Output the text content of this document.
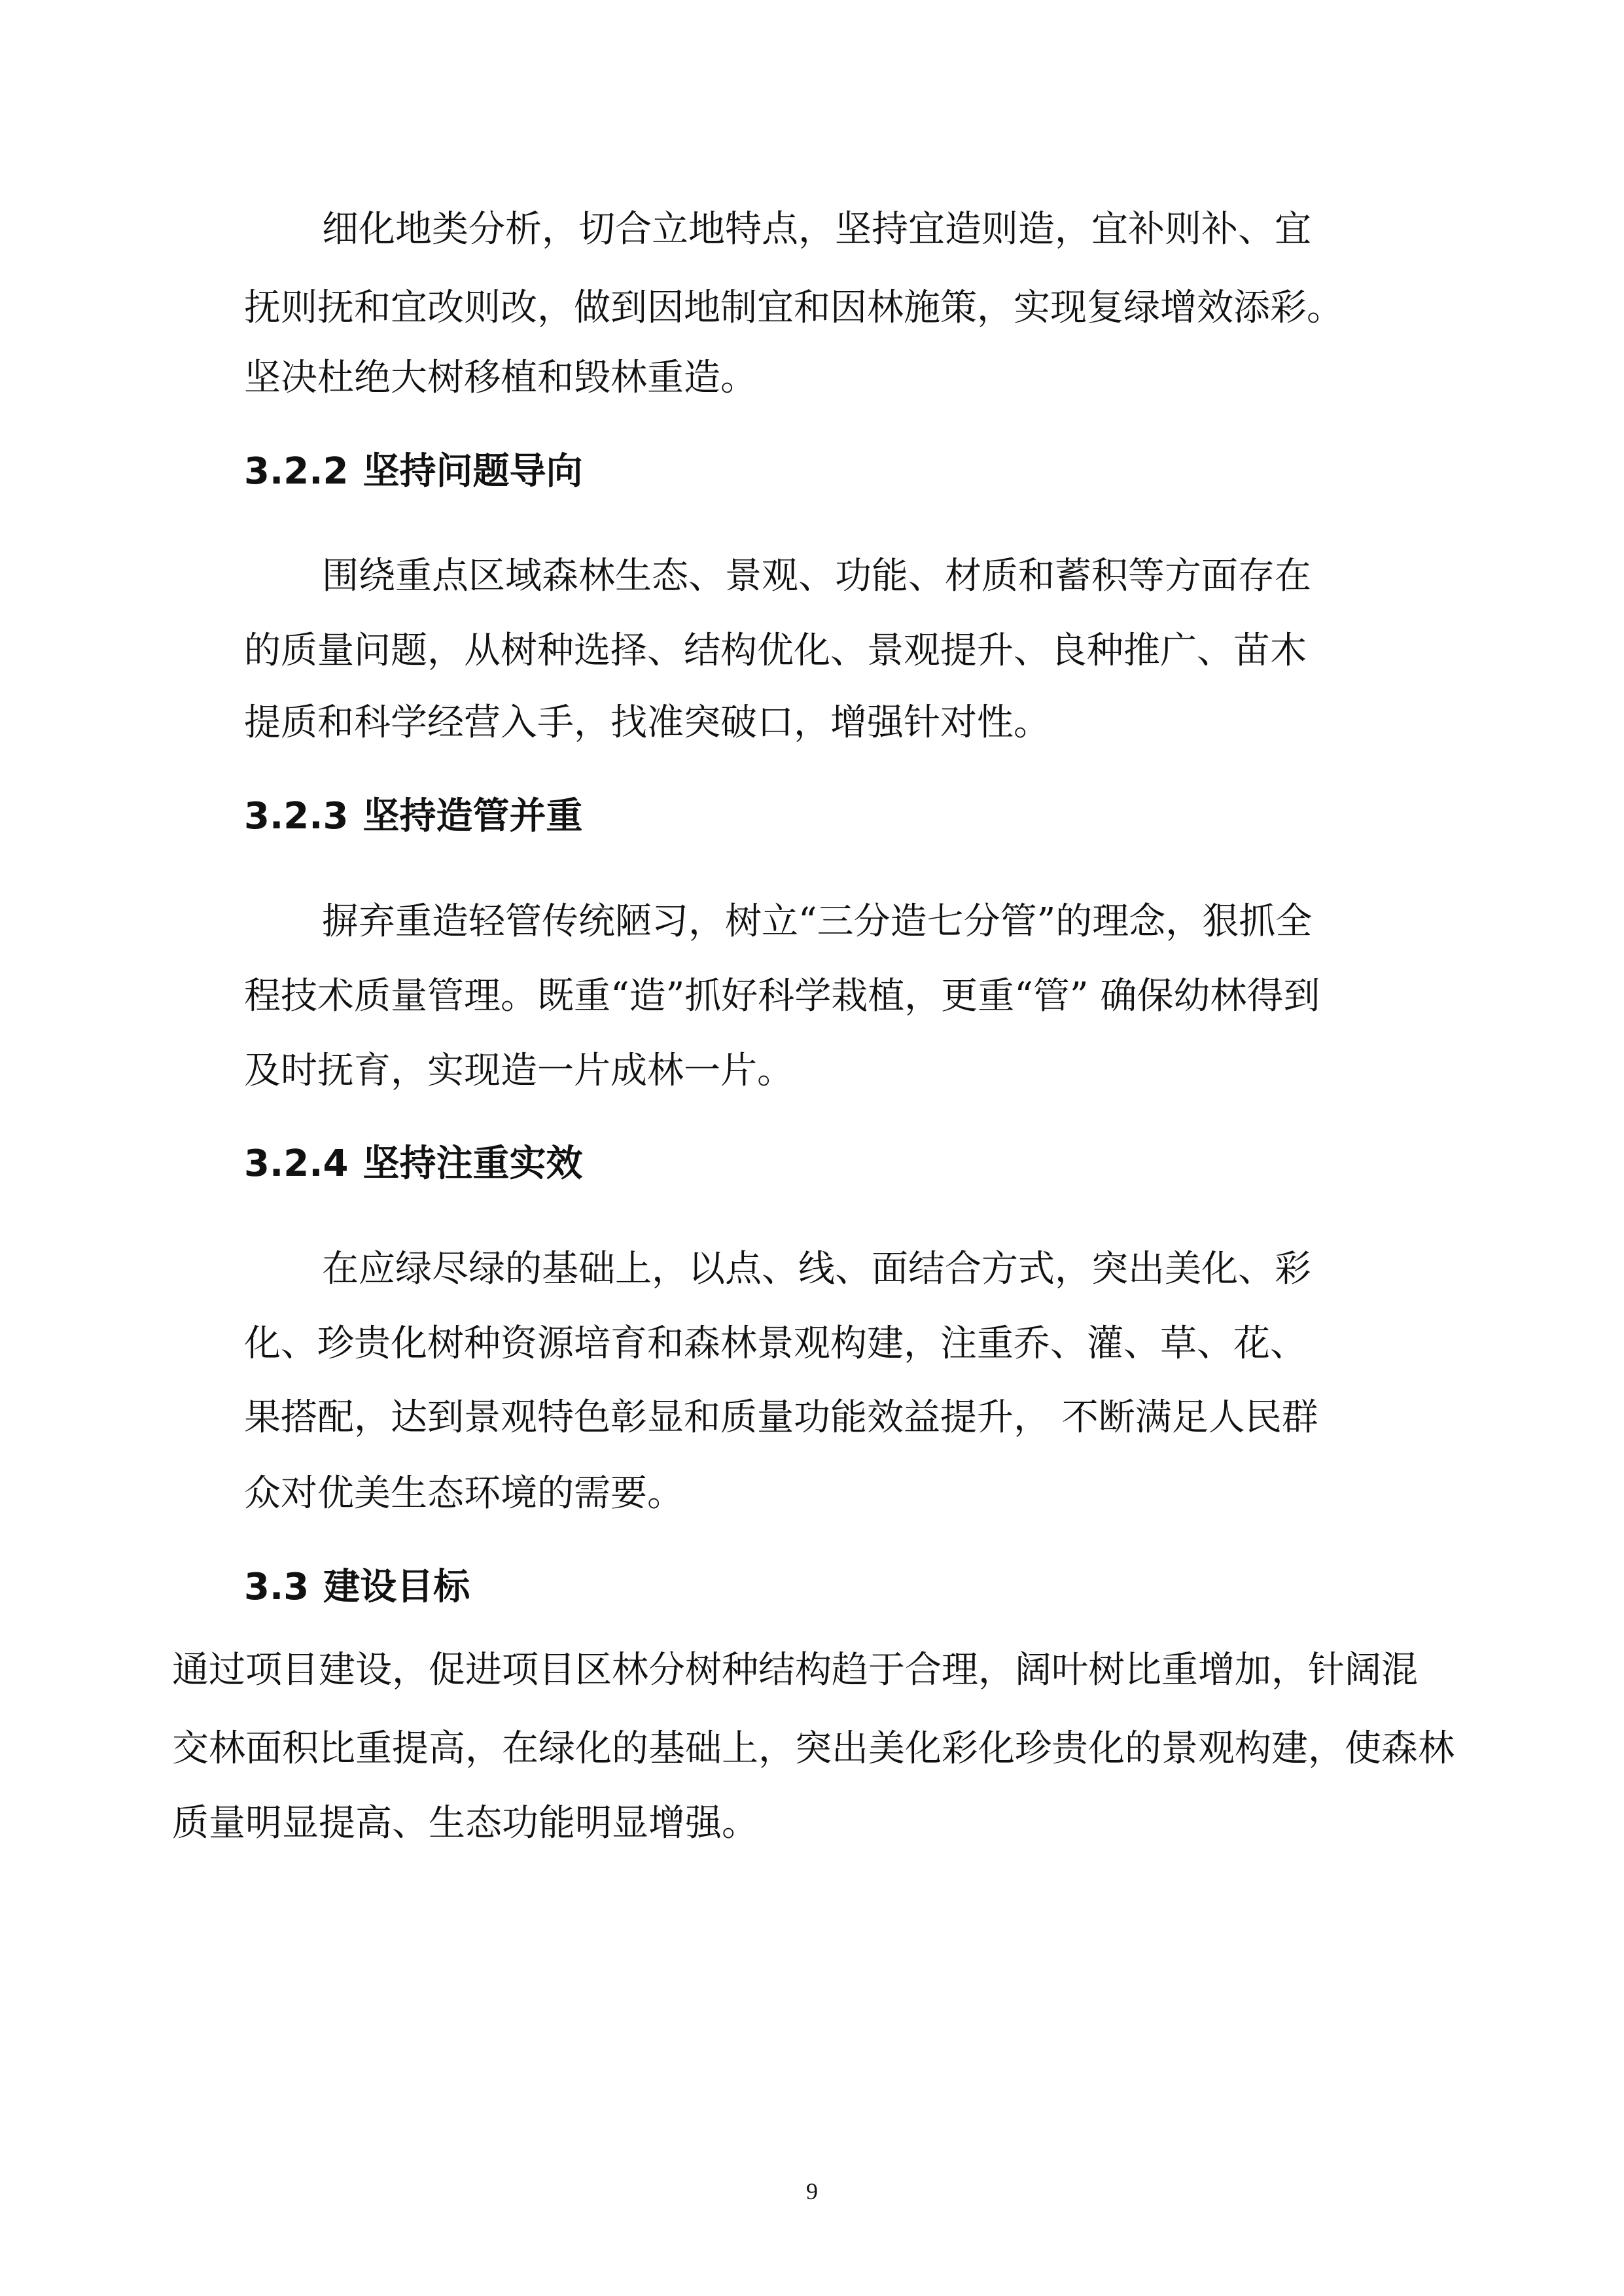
细化地类分析，切合立地特点，坚持宜造则造，宜补则补、宜

抚则抚和宜改则改，做到因地制宜和因林施策，实现复绿增效添彩。

坚决杜绝大树移植和毁林重造。

3.2.2 坚持问题导向

围绕重点区域森林生态、景观、功能、材质和蓄积等方面存在

的质量问题，从树种选择、结构优化、景观提升、良种推广、苗木

提质和科学经营入手，找准突破口，增强针对性。

3.2.3 坚持造管并重

摒弃重造轻管传统陋习，树立“三分造七分管”的理念，狠抓全

程技术质量管理。既重“造”抓好科学栽植，更重“管” 确保幼林得到

及时抚育，实现造一片成林一片。

3.2.4 坚持注重实效

在应绿尽绿的基础上，以点、线、面结合方式，突出美化、彩

化、珍贵化树种资源培育和森林景观构建，注重乔、灌、草、花、

果搭配，达到景观特色彰显和质量功能效益提升， 不断满足人民群

众对优美生态环境的需要。

3.3 建设目标

通过项目建设，促进项目区林分树种结构趋于合理，阔叶树比重增加，针阔混

交林面积比重提高，在绿化的基础上，突出美化彩化珍贵化的景观构建，使森林

质量明显提高、生态功能明显增强。

9
